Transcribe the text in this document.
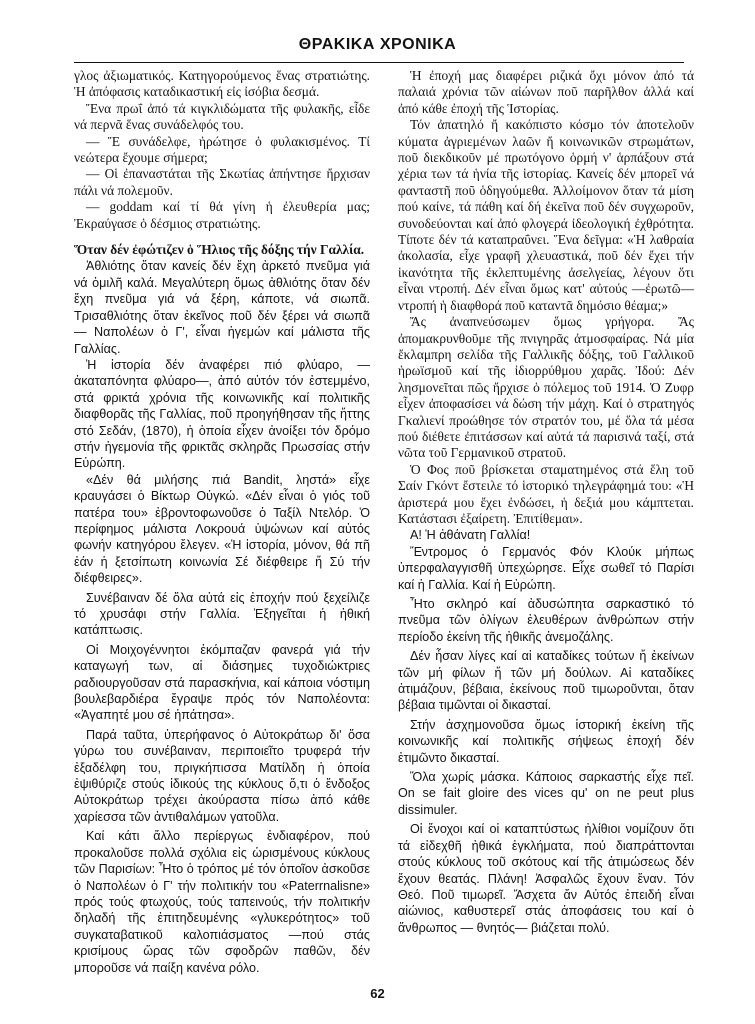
ΘΡΑΚΙΚΑ ΧΡΟΝΙΚΑ

γλος ἀξιωματικός. Κατηγορούμενος ἕνας στρατιώτης. Ἡ ἀπόφασις καταδικαστική εἰς ἰσόβια δεσμά.

Ἕνα πρωΐ ἀπό τά κιγκλιδώματα τῆς φυλακῆς, εἶδε νά περνᾶ ἕνας συνάδελφός του.

— Ἕ συνάδελφε, ἠρώτησε ὁ φυλακισμένος. Τί νεώτερα ἔχουμε σήμερα;

— Οἱ ἐπαναστάται τῆς Σκωτίας ἀπήντησε ἤρχισαν πάλι νά πολεμοῦν.

— goddam καί τί θά γίνη ἡ ἐλευθερία μας; Ἐκραύγασε ὁ δέσμιος στρατιώτης.

Ὅταν δέν ἐφώτιζεν ὁ Ἥλιος τῆς δόξης τήν Γαλλία.

Ἀθλιότης ὅταν κανείς δέν ἔχη ἀρκετό πνεῦμα γιά νά ὁμιλῆ καλά. Μεγαλύτερη ὅμως ἀθλιότης ὅταν δέν ἔχη πνεῦμα γιά νά ξέρη, κάποτε, νά σιωπᾶ. Τρισαθλιότης ὅταν ἐκεῖνος ποῦ δέν ξέρει νά σιωπᾶ — Ναπολέων ὁ Γ', εἶναι ἡγεμών καί μάλιστα τῆς Γαλλίας.

Ἡ ἱστορία δέν ἀναφέρει πιό φλύαρο, — ἀκαταπόνητα φλύαρο—, ἀπό αὐτόν τόν ἐστεμμένο, στά φρικτά χρόνια τῆς κοινωνικῆς καί πολιτικῆς διαφθορᾶς τῆς Γαλλίας, ποῦ προηγήθησαν τῆς ἥττης στό Σεδάν, (1870), ἡ ὁποία εἶχεν ἀνοίξει τόν δρόμο στήν ἡγεμονία τῆς φρικτᾶς σκληρᾶς Πρωσσίας στήν Εὐρώπη.

«Δέν θά μιλήσης πιά Bandit, ληστά» εἶχε κραυγάσει ὁ Βίκτωρ Οὐγκώ. «Δέν εἶναι ὁ γιός τοῦ πατέρα του» ἐβροντοφωνοῦσε ὁ Ταξίλ Ντελόρ. Ὁ περίφημος μάλιστα Λοκρουά ὑψώνων καί αὐτός φωνήν κατηγόρου ἔλεγεν. «Ἡ ἱστορία, μόνον, θά πῆ ἐάν ἡ ξετσίπωτη κοινωνία Σέ διέφθειρε ἤ Σύ τήν διέφθειρες».

Συνέβαιναν δέ ὅλα αὐτά εἰς ἐποχήν πού ξεχείλιζε τό χρυσάφι στήν Γαλλία. Ἐξηγεῖται ἡ ἠθική κατάπτωσις.

Οἱ Μοιχογέννητοι ἐκόμπαζαν φανερά γιά τήν καταγωγή των, αἱ διάσημες τυχοδιώκτριες ραδιουργοῦσαν στά παρασκήνια, καί κάποια νόστιμη βουλεβαρδιέρα ἔγραψε πρός τόν Ναπολέοντα: «Ἀγαπητέ μου σέ ἠπάτησα».

Παρά ταῦτα, ὑπερήφανος ὁ Αὐτοκράτωρ δι' ὅσα γύρω του συνέβαιναν, περιποιεῖτο τρυφερά τήν ἐξαδέλφη του, πριγκήπισσα Ματίλδη ἡ ὁποία ἐψιθύριζε στούς ἰδικούς της κύκλους ὅ,τι ὁ ἔνδοξος Αὐτοκράτωρ τρέχει ἀκούραστα πίσω ἀπό κάθε χαρίεσσα τῶν ἀντιθαλάμων γατοῦλα.

Καί κάτι ἄλλο περίεργως ἐνδιαφέρον, πού προκαλοῦσε πολλά σχόλια εἰς ὡρισμένους κύκλους τῶν Παρισίων: Ἦτο ὁ τρόπος μέ τόν ὁποῖον ἀσκοῦσε ὁ Ναπολέων ὁ Γ' τήν πολιτικήν του «Paterrnalisne» πρός τούς φτωχούς, τούς ταπεινούς, τήν πολιτικήν δηλαδή τῆς ἐπιτηδευμένης «γλυκερότητος» τοῦ συγκαταβατικοῦ καλοπιάσματος —πού στάς κρισίμους ὥρας τῶν σφοδρῶν παθῶν, δέν μποροῦσε νά παίξη κανένα ρόλο.

Ἡ ἐποχή μας διαφέρει ριζικά ὄχι μόνον ἀπό τά παλαιά χρόνια τῶν αἰώνων ποῦ παρῆλθον ἀλλά καί ἀπό κάθε ἐποχή τῆς Ἱστορίας.

Τόν ἀπατηλό ἤ κακόπιστο κόσμο τόν ἀποτελοῦν κύματα ἀγριεμένων λαῶν ἤ κοινωνικῶν στρωμάτων, ποῦ διεκδικοῦν μέ πρωτόγονο ὁρμή ν' ἁρπάξουν στά χέρια των τά ἡνία τῆς ἱστορίας. Κανείς δέν μπορεῖ νά φανταστῆ ποῦ ὁδηγούμεθα. Ἀλλοίμονον ὅταν τά μίση πού καίνε, τά πάθη καί δή ἐκεῖνα ποῦ δέν συγχωροῦν, συνοδεύονται καί ἀπό φλογερά ἰδεολογική ἐχθρότητα. Τίποτε δέν τά καταπραΰνει. Ἕνα δεῖγμα: «Ἡ λαθραία ἀκολασία, εἶχε γραφῆ χλευαστικά, ποῦ δέν ἔχει τήν ἱκανότητα τῆς ἐκλεπτυμένης ἀσελγείας, λέγουν ὅτι εἶναι ντροπή. Δέν εἶναι ὅμως κατ' αὐτούς —ἐρωτῶ—ντροπή ἡ διαφθορά ποῦ καταντᾶ δημόσιο θέαμα;»

Ἄς ἀναπνεύσωμεν ὅμως γρήγορα. Ἄς ἀπομακρυνθοῦμε τῆς πνιγηρᾶς ἀτμοσφαίρας. Νά μία ἔκλαμπρη σελίδα τῆς Γαλλικῆς δόξης, τοῦ Γαλλικοῦ ἡρωϊσμοῦ καί τῆς ἰδιορρύθμου χαρᾶς. Ἰδού: Δέν λησμονεῖται πῶς ἤρχισε ὁ πόλεμος τοῦ 1914. Ὁ Ζυφρ εἶχεν ἀποφασίσει νά δώση τήν μάχη. Καί ὁ στρατηγός Γκαλιενί προώθησε τόν στρατόν του, μέ ὅλα τά μέσα πού διέθετε ἐπιτάσσων καί αὐτά τά παρισινά ταξί, στά νῶτα τοῦ Γερμανικοῦ στρατοῦ.

Ὁ Φος ποῦ βρίσκεται σταματημένος στά ἕλη τοῦ Σαίν Γκόντ ἔστειλε τό ἱστορικό τηλεγράφημά του: «Ἡ ἀριστερά μου ἔχει ἐνδώσει, ἡ δεξιά μου κάμπτεται. Κατάστασι ἐξαίρετη. Ἐπιτίθεμαι».

Α! Ἡ ἀθάνατη Γαλλία!

Ἔντρομος ὁ Γερμανός Φόν Κλούκ μήπως ὑπερφαλαγγισθῆ ὑπεχώρησε. Εἶχε σωθεῖ τό Παρίσι καί ἡ Γαλλία. Καί ἡ Εὐρώπη.

Ἦτο σκληρό καί ἀδυσώπητα σαρκαστικό τό πνεῦμα τῶν ὀλίγων ἐλευθέρων ἀνθρώπων στήν περίοδο ἐκείνη τῆς ἠθικῆς ἀνεμοζάλης.

Δέν ἦσαν λίγες καί αἱ καταδίκες τούτων ἤ ἐκείνων τῶν μή φίλων ἤ τῶν μή δούλων. Αἱ καταδίκες ἀτιμάζουν, βέβαια, ἐκείνους ποῦ τιμωροῦνται, ὅταν βέβαια τιμῶνται οἱ δικασταί.

Στήν ἀσχημονοῦσα ὅμως ἱστορική ἐκείνη τῆς κοινωνικῆς καί πολιτικῆς σήψεως ἐποχή δέν ἐτιμῶντο δικασταί.

Ὅλα χωρίς μάσκα. Κάποιος σαρκαστής εἶχε πεῖ. On se fait gloire des vices qu' on ne peut plus dissimuler.

Οἱ ἔνοχοι καί οἱ καταπτύστως ἠλίθιοι νομίζουν ὅτι τά εἰδεχθῆ ἠθικά ἐγκλήματα, πού διαπράττονται στούς κύκλους τοῦ σκότους καί τῆς ἀτιμώσεως δέν ἔχουν θεατάς. Πλάνη! Ἀσφαλῶς ἔχουν ἕναν. Τόν Θεό. Ποῦ τιμωρεῖ. Ἄσχετα ἄν Αὐτός ἐπειδή εἶναι αἰώνιος, καθυστερεῖ στάς ἀποφάσεις του καί ὁ ἄνθρωπος — θνητός— βιάζεται πολύ.

62
